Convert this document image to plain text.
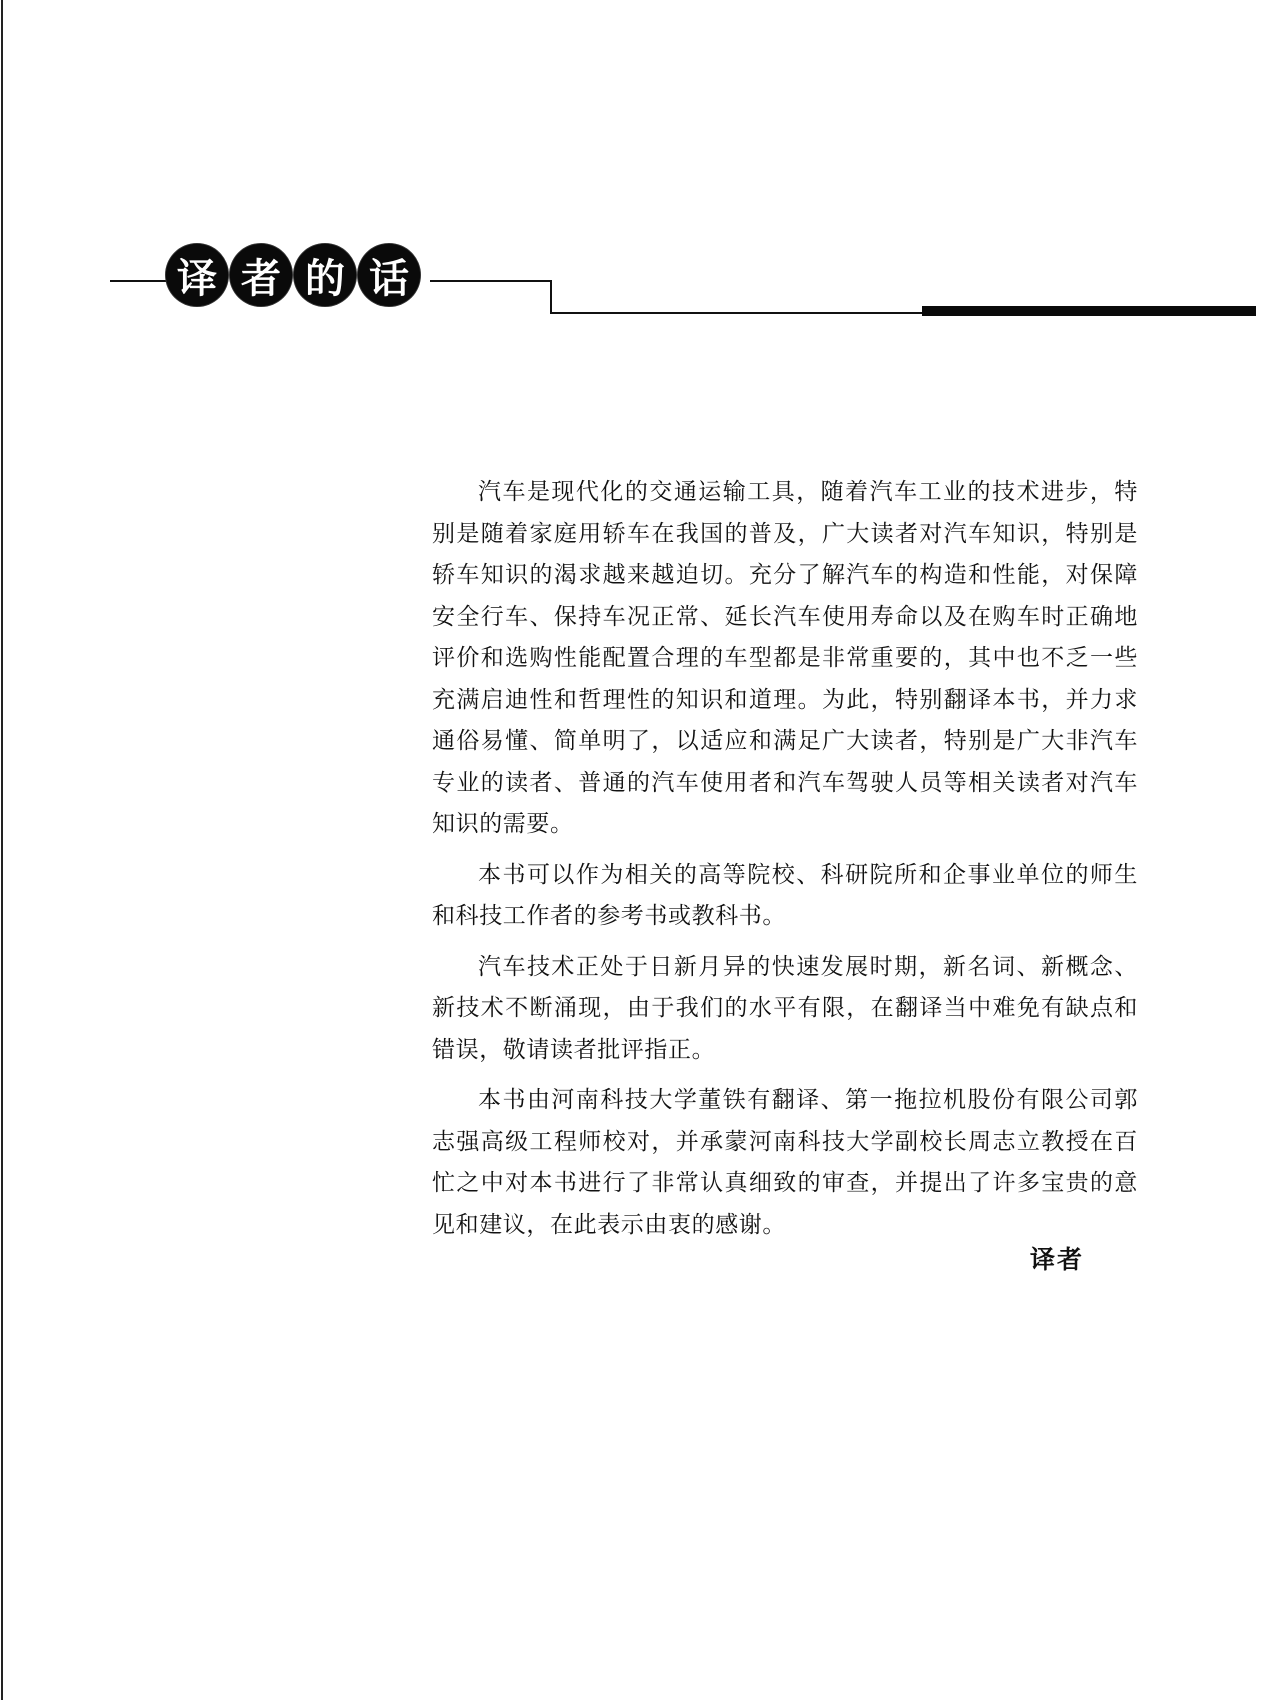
译 者 的 话

汽车是现代化的交通运输工具，随着汽车工业的技术进步，特别是随着家庭用轿车在我国的普及，广大读者对汽车知识，特别是轿车知识的渴求越来越迫切。充分了解汽车的构造和性能，对保障安全行车、保持车况正常、延长汽车使用寿命以及在购车时正确地评价和选购性能配置合理的车型都是非常重要的，其中也不乏一些充满启迪性和哲理性的知识和道理。为此，特别翻译本书，并力求通俗易懂、简单明了，以适应和满足广大读者，特别是广大非汽车专业的读者、普通的汽车使用者和汽车驾驶人员等相关读者对汽车知识的需要。

本书可以作为相关的高等院校、科研院所和企事业单位的师生和科技工作者的参考书或教科书。

汽车技术正处于日新月异的快速发展时期，新名词、新概念、新技术不断涌现，由于我们的水平有限，在翻译当中难免有缺点和错误，敬请读者批评指正。

本书由河南科技大学董铁有翻译、第一拖拉机股份有限公司郭志强高级工程师校对，并承蒙河南科技大学副校长周志立教授在百忙之中对本书进行了非常认真细致的审查，并提出了许多宝贵的意见和建议，在此表示由衷的感谢。

译者
